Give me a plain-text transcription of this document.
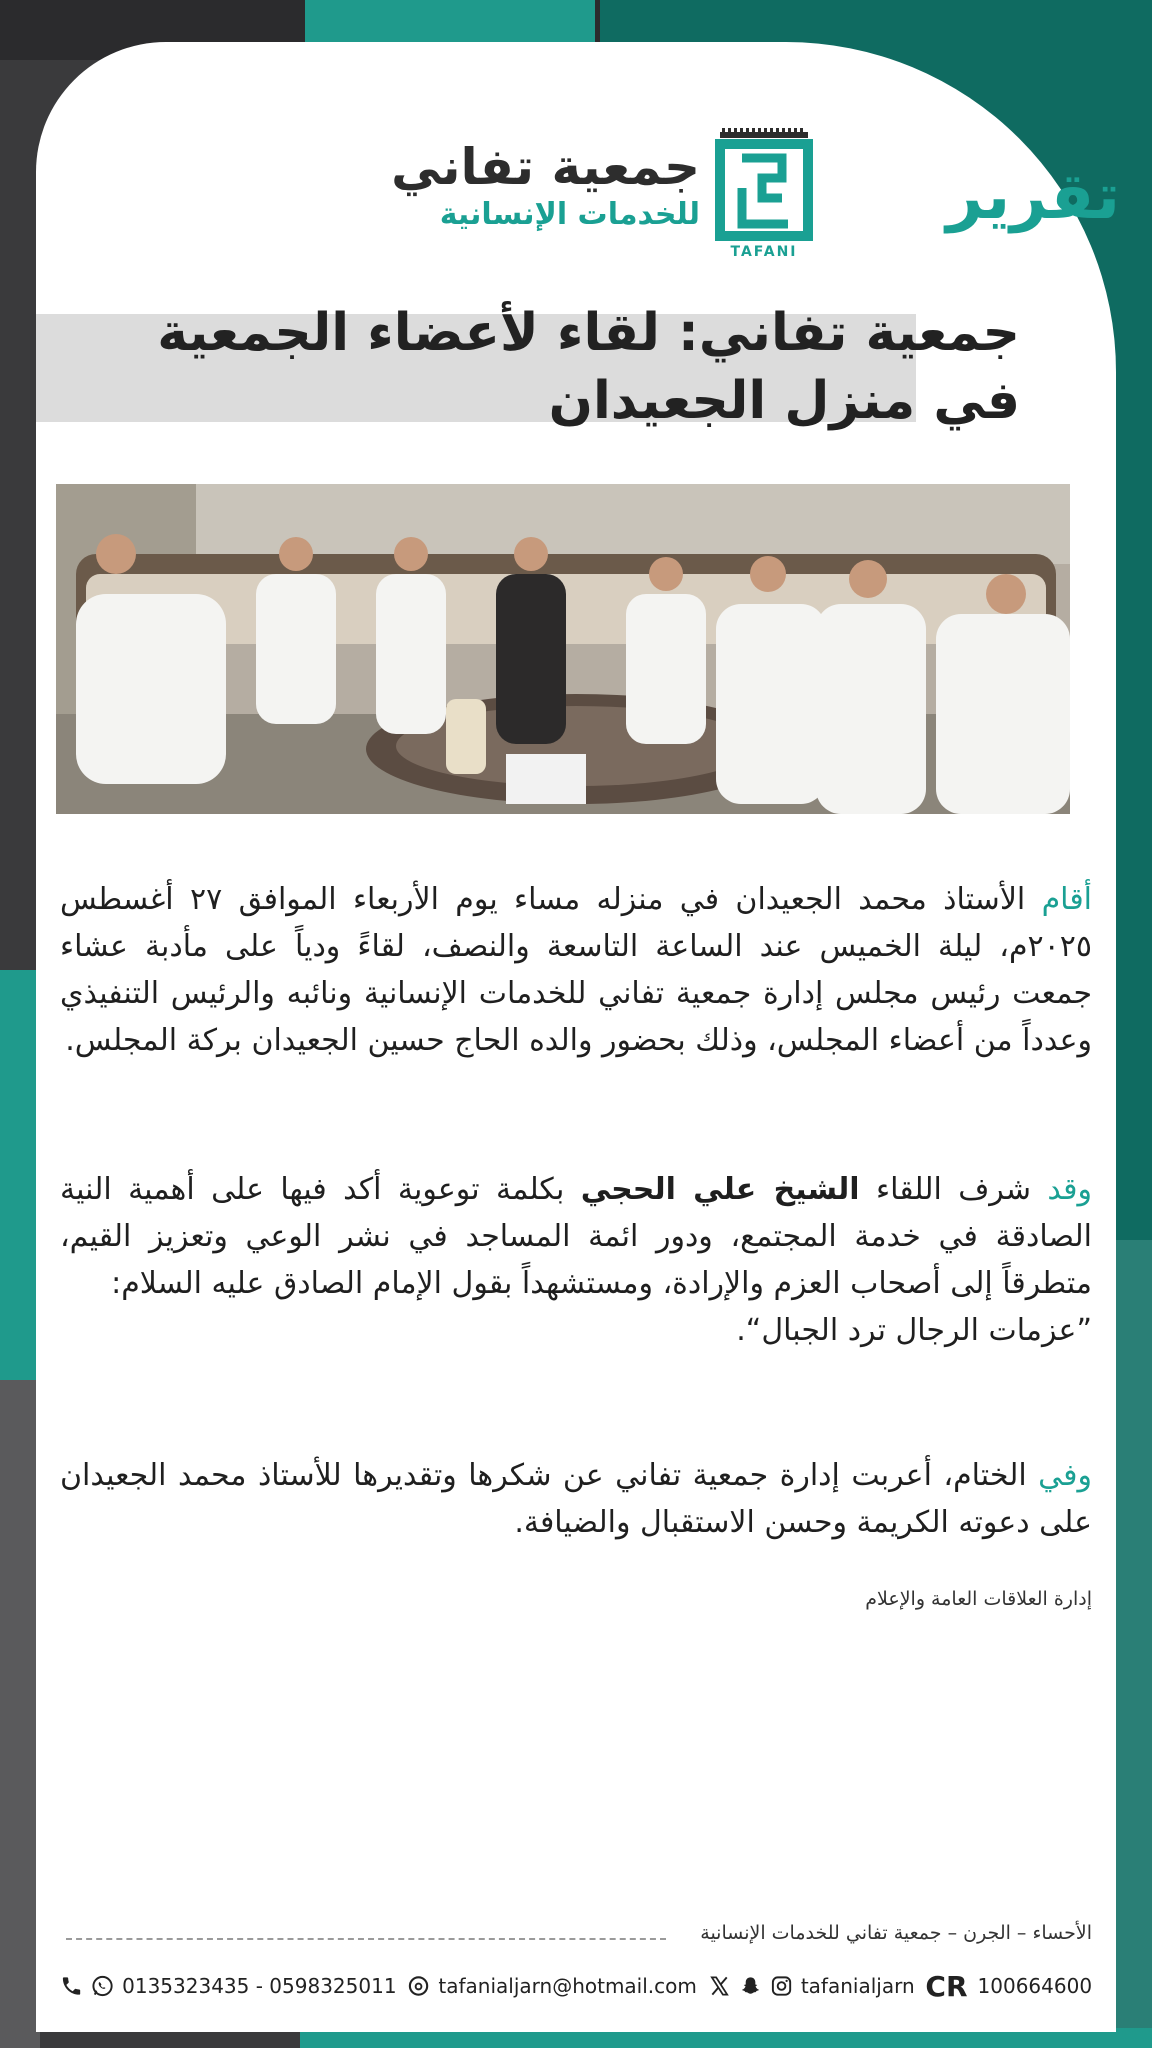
تقرير
TAFANI
جمعية تفاني
للخدمات الإنسانية
جمعية تفاني: لقاء لأعضاء الجمعية في منزل الجعيدان
أقام الأستاذ محمد الجعيدان في منزله مساء يوم الأربعاء الموافق ٢٧ أغسطس ٢٠٢٥م، ليلة الخميس عند الساعة التاسعة والنصف، لقاءً ودياً على مأدبة عشاء جمعت رئيس مجلس إدارة جمعية تفاني للخدمات الإنسانية ونائبه والرئيس التنفيذي وعدداً من أعضاء المجلس، وذلك بحضور والده الحاج حسين الجعيدان بركة المجلس.
وقد شرف اللقاء الشيخ علي الحجي بكلمة توعوية أكد فيها على أهمية النية الصادقة في خدمة المجتمع، ودور ائمة المساجد في نشر الوعي وتعزيز القيم، متطرقاً إلى أصحاب العزم والإرادة، ومستشهداً بقول الإمام الصادق عليه السلام:
”عزمات الرجال ترد الجبال“.
وفي الختام، أعربت إدارة جمعية تفاني عن شكرها وتقديرها للأستاذ محمد الجعيدان على دعوته الكريمة وحسن الاستقبال والضيافة.
إدارة العلاقات العامة والإعلام
الأحساء – الجرن – جمعية تفاني للخدمات الإنسانية
0135323435 - 0598325011 tafanialjarn@hotmail.com	tafanialjarn CR 100664600
